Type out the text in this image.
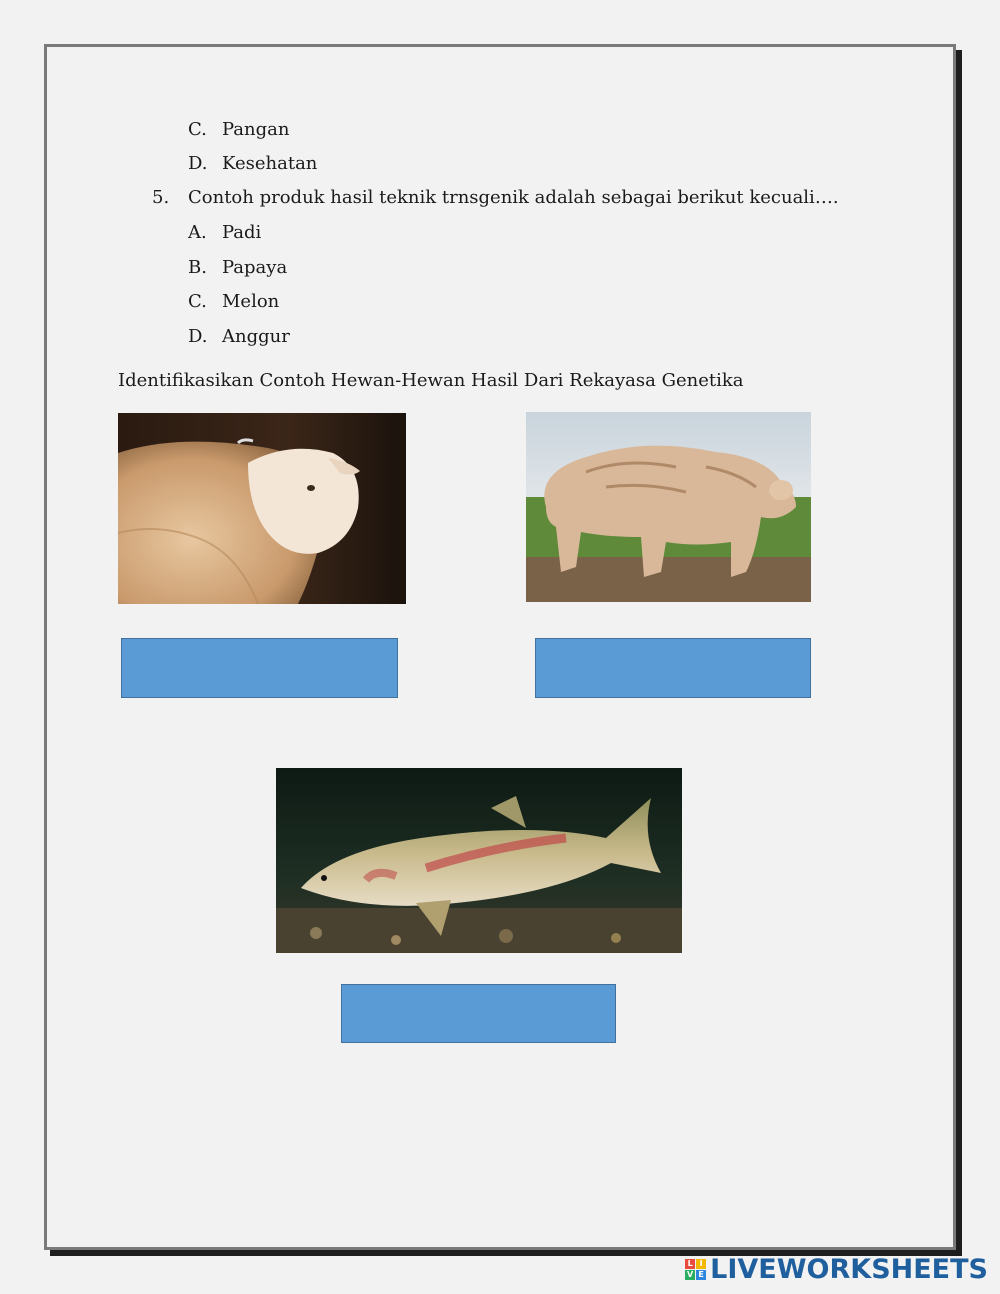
C. Pangan
D. Kesehatan
5. Contoh produk hasil teknik trnsgenik adalah sebagai berikut kecuali….
A. Padi
B. Papaya
C. Melon
D. Anggur
Identifikasikan Contoh Hewan-Hewan Hasil Dari Rekayasa Genetika
L I
V E LIVEWORKSHEETS
